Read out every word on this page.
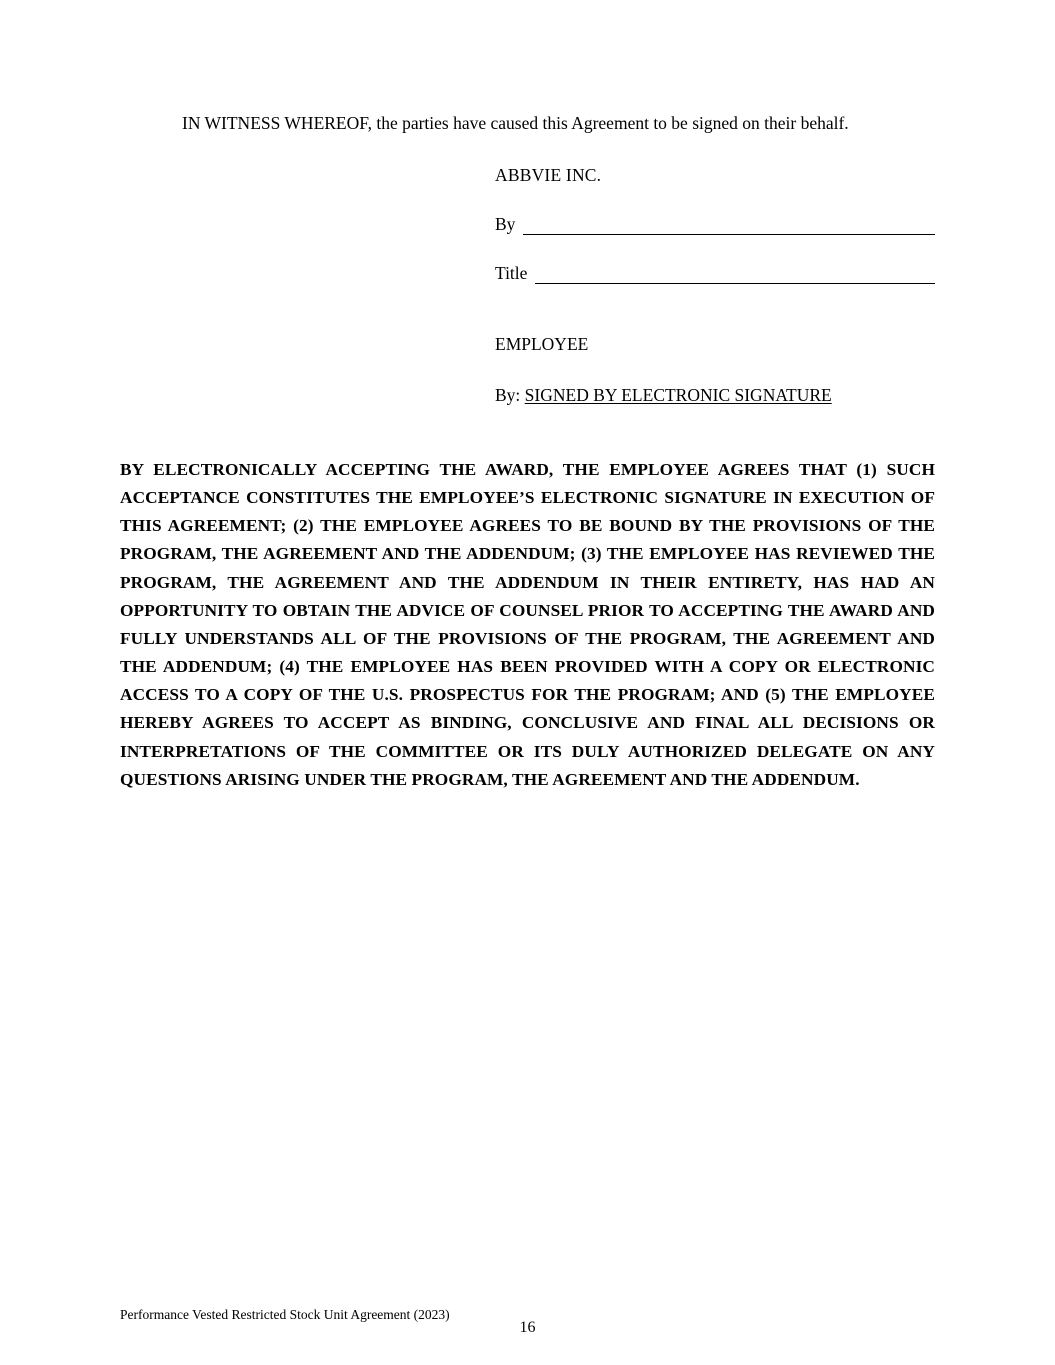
IN WITNESS WHEREOF, the parties have caused this Agreement to be signed on their behalf.

ABBVIE INC.

By
Title

EMPLOYEE

By: SIGNED BY ELECTRONIC SIGNATURE

BY ELECTRONICALLY ACCEPTING THE AWARD, THE EMPLOYEE AGREES THAT (1) SUCH ACCEPTANCE CONSTITUTES THE EMPLOYEE’S ELECTRONIC SIGNATURE IN EXECUTION OF THIS AGREEMENT; (2) THE EMPLOYEE AGREES TO BE BOUND BY THE PROVISIONS OF THE PROGRAM, THE AGREEMENT AND THE ADDENDUM; (3) THE EMPLOYEE HAS REVIEWED THE PROGRAM, THE AGREEMENT AND THE ADDENDUM IN THEIR ENTIRETY, HAS HAD AN OPPORTUNITY TO OBTAIN THE ADVICE OF COUNSEL PRIOR TO ACCEPTING THE AWARD AND FULLY UNDERSTANDS ALL OF THE PROVISIONS OF THE PROGRAM, THE AGREEMENT AND THE ADDENDUM; (4) THE EMPLOYEE HAS BEEN PROVIDED WITH A COPY OR ELECTRONIC ACCESS TO A COPY OF THE U.S. PROSPECTUS FOR THE PROGRAM; AND (5) THE EMPLOYEE HEREBY AGREES TO ACCEPT AS BINDING, CONCLUSIVE AND FINAL ALL DECISIONS OR INTERPRETATIONS OF THE COMMITTEE OR ITS DULY AUTHORIZED DELEGATE ON ANY QUESTIONS ARISING UNDER THE PROGRAM, THE AGREEMENT AND THE ADDENDUM.

16
Performance Vested Restricted Stock Unit Agreement (2023)
